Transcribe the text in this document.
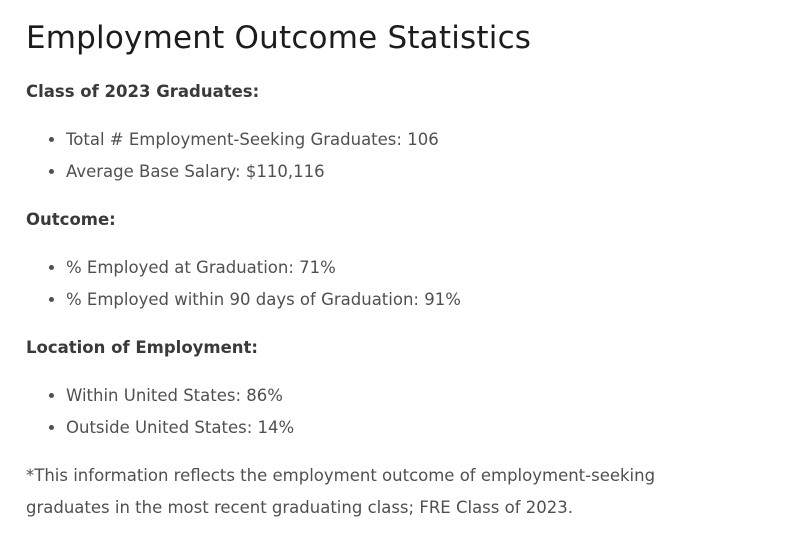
Employment Outcome Statistics

Class of 2023 Graduates:

• Total # Employment-Seeking Graduates: 106
• Average Base Salary: $110,116

Outcome:

• % Employed at Graduation: 71%
• % Employed within 90 days of Graduation: 91%

Location of Employment:

• Within United States: 86%
• Outside United States: 14%

*This information reflects the employment outcome of employment-seeking
graduates in the most recent graduating class; FRE Class of 2023.
